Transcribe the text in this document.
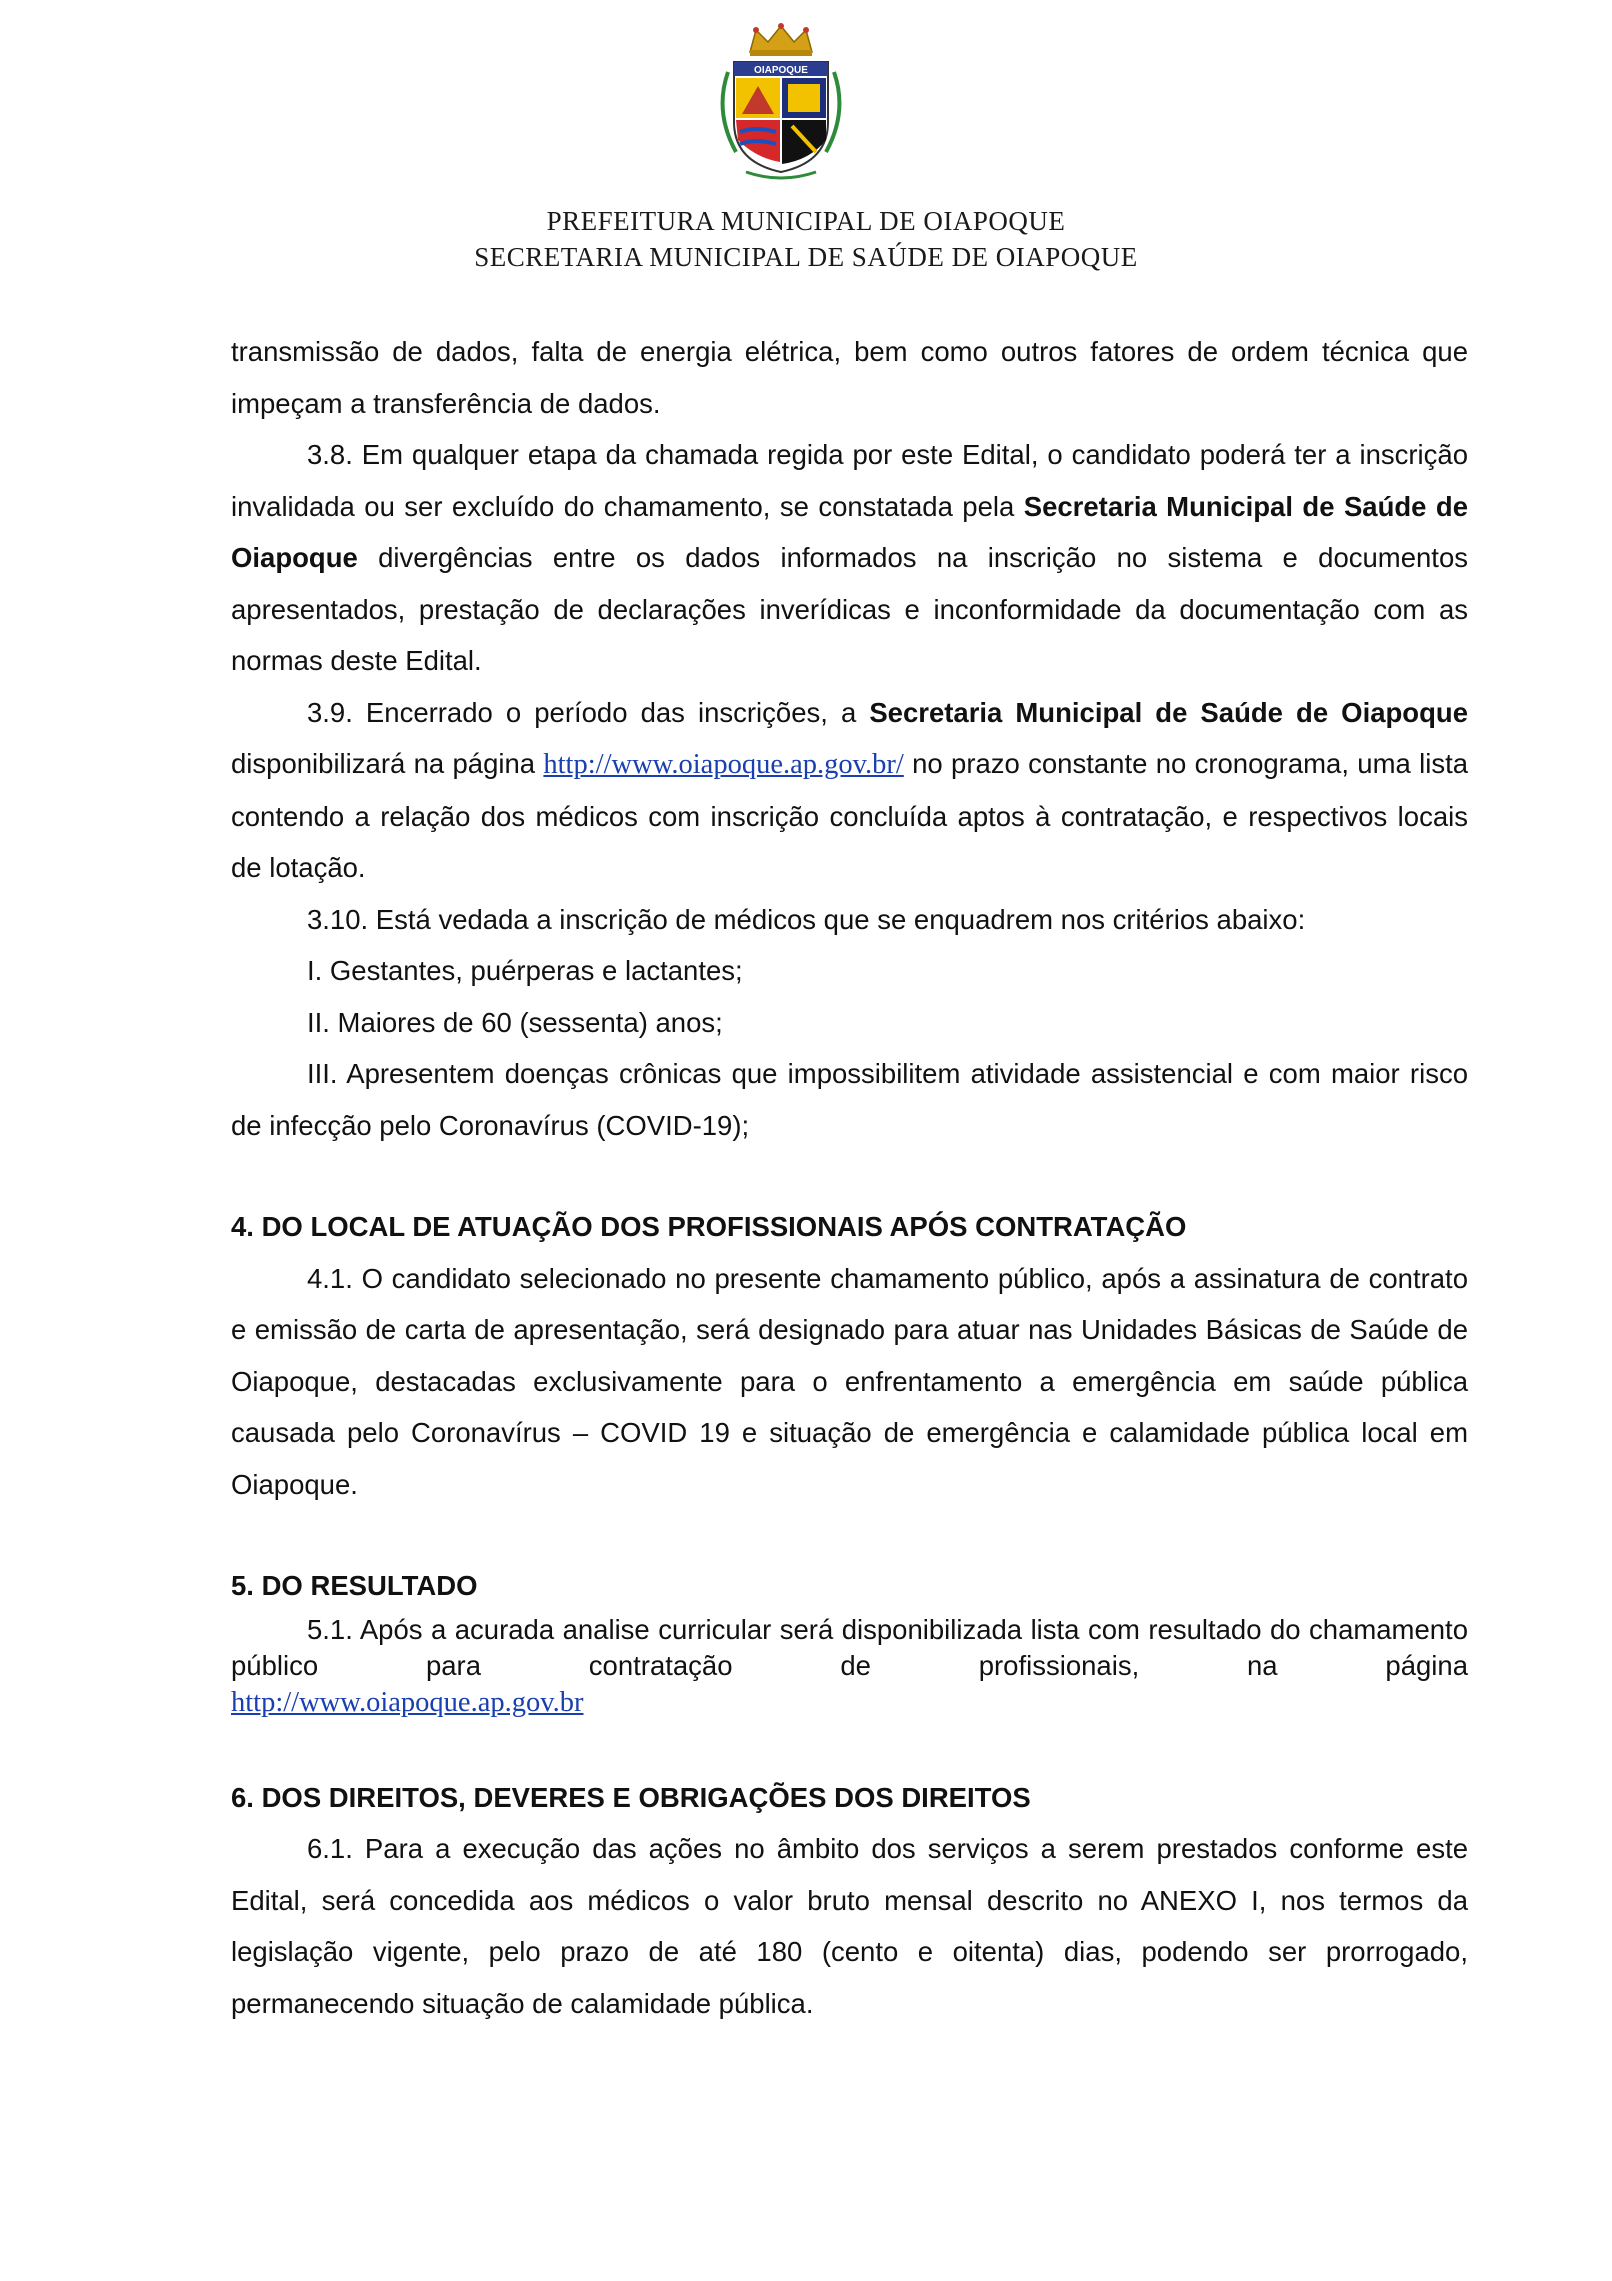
OIAPOQUE
PREFEITURA MUNICIPAL DE OIAPOQUE
SECRETARIA MUNICIPAL DE SAÚDE DE OIAPOQUE

transmissão de dados, falta de energia elétrica, bem como outros fatores de ordem técnica que impeçam a transferência de dados.

3.8. Em qualquer etapa da chamada regida por este Edital, o candidato poderá ter a inscrição invalidada ou ser excluído do chamamento, se constatada pela Secretaria Municipal de Saúde de Oiapoque divergências entre os dados informados na inscrição no sistema e documentos apresentados, prestação de declarações inverídicas e inconformidade da documentação com as normas deste Edital.

3.9. Encerrado o período das inscrições, a Secretaria Municipal de Saúde de Oiapoque disponibilizará na página http://www.oiapoque.ap.gov.br/ no prazo constante no cronograma, uma lista contendo a relação dos médicos com inscrição concluída aptos à contratação, e respectivos locais de lotação.

3.10. Está vedada a inscrição de médicos que se enquadrem nos critérios abaixo:

I. Gestantes, puérperas e lactantes;

II. Maiores de 60 (sessenta) anos;

III. Apresentem doenças crônicas que impossibilitem atividade assistencial e com maior risco de infecção pelo Coronavírus (COVID-19);

4. DO LOCAL DE ATUAÇÃO DOS PROFISSIONAIS APÓS CONTRATAÇÃO

4.1. O candidato selecionado no presente chamamento público, após a assinatura de contrato e emissão de carta de apresentação, será designado para atuar nas Unidades Básicas de Saúde de Oiapoque, destacadas exclusivamente para o enfrentamento a emergência em saúde pública causada pelo Coronavírus – COVID 19 e situação de emergência e calamidade pública local em Oiapoque.

5. DO RESULTADO

5.1. Após a acurada analise curricular será disponibilizada lista com resultado do chamamento público para contratação de profissionais, na página

http://www.oiapoque.ap.gov.br

6. DOS DIREITOS, DEVERES E OBRIGAÇÕES DOS DIREITOS

6.1. Para a execução das ações no âmbito dos serviços a serem prestados conforme este Edital, será concedida aos médicos o valor bruto mensal descrito no ANEXO I, nos termos da legislação vigente, pelo prazo de até 180 (cento e oitenta) dias, podendo ser prorrogado, permanecendo situação de calamidade pública.
